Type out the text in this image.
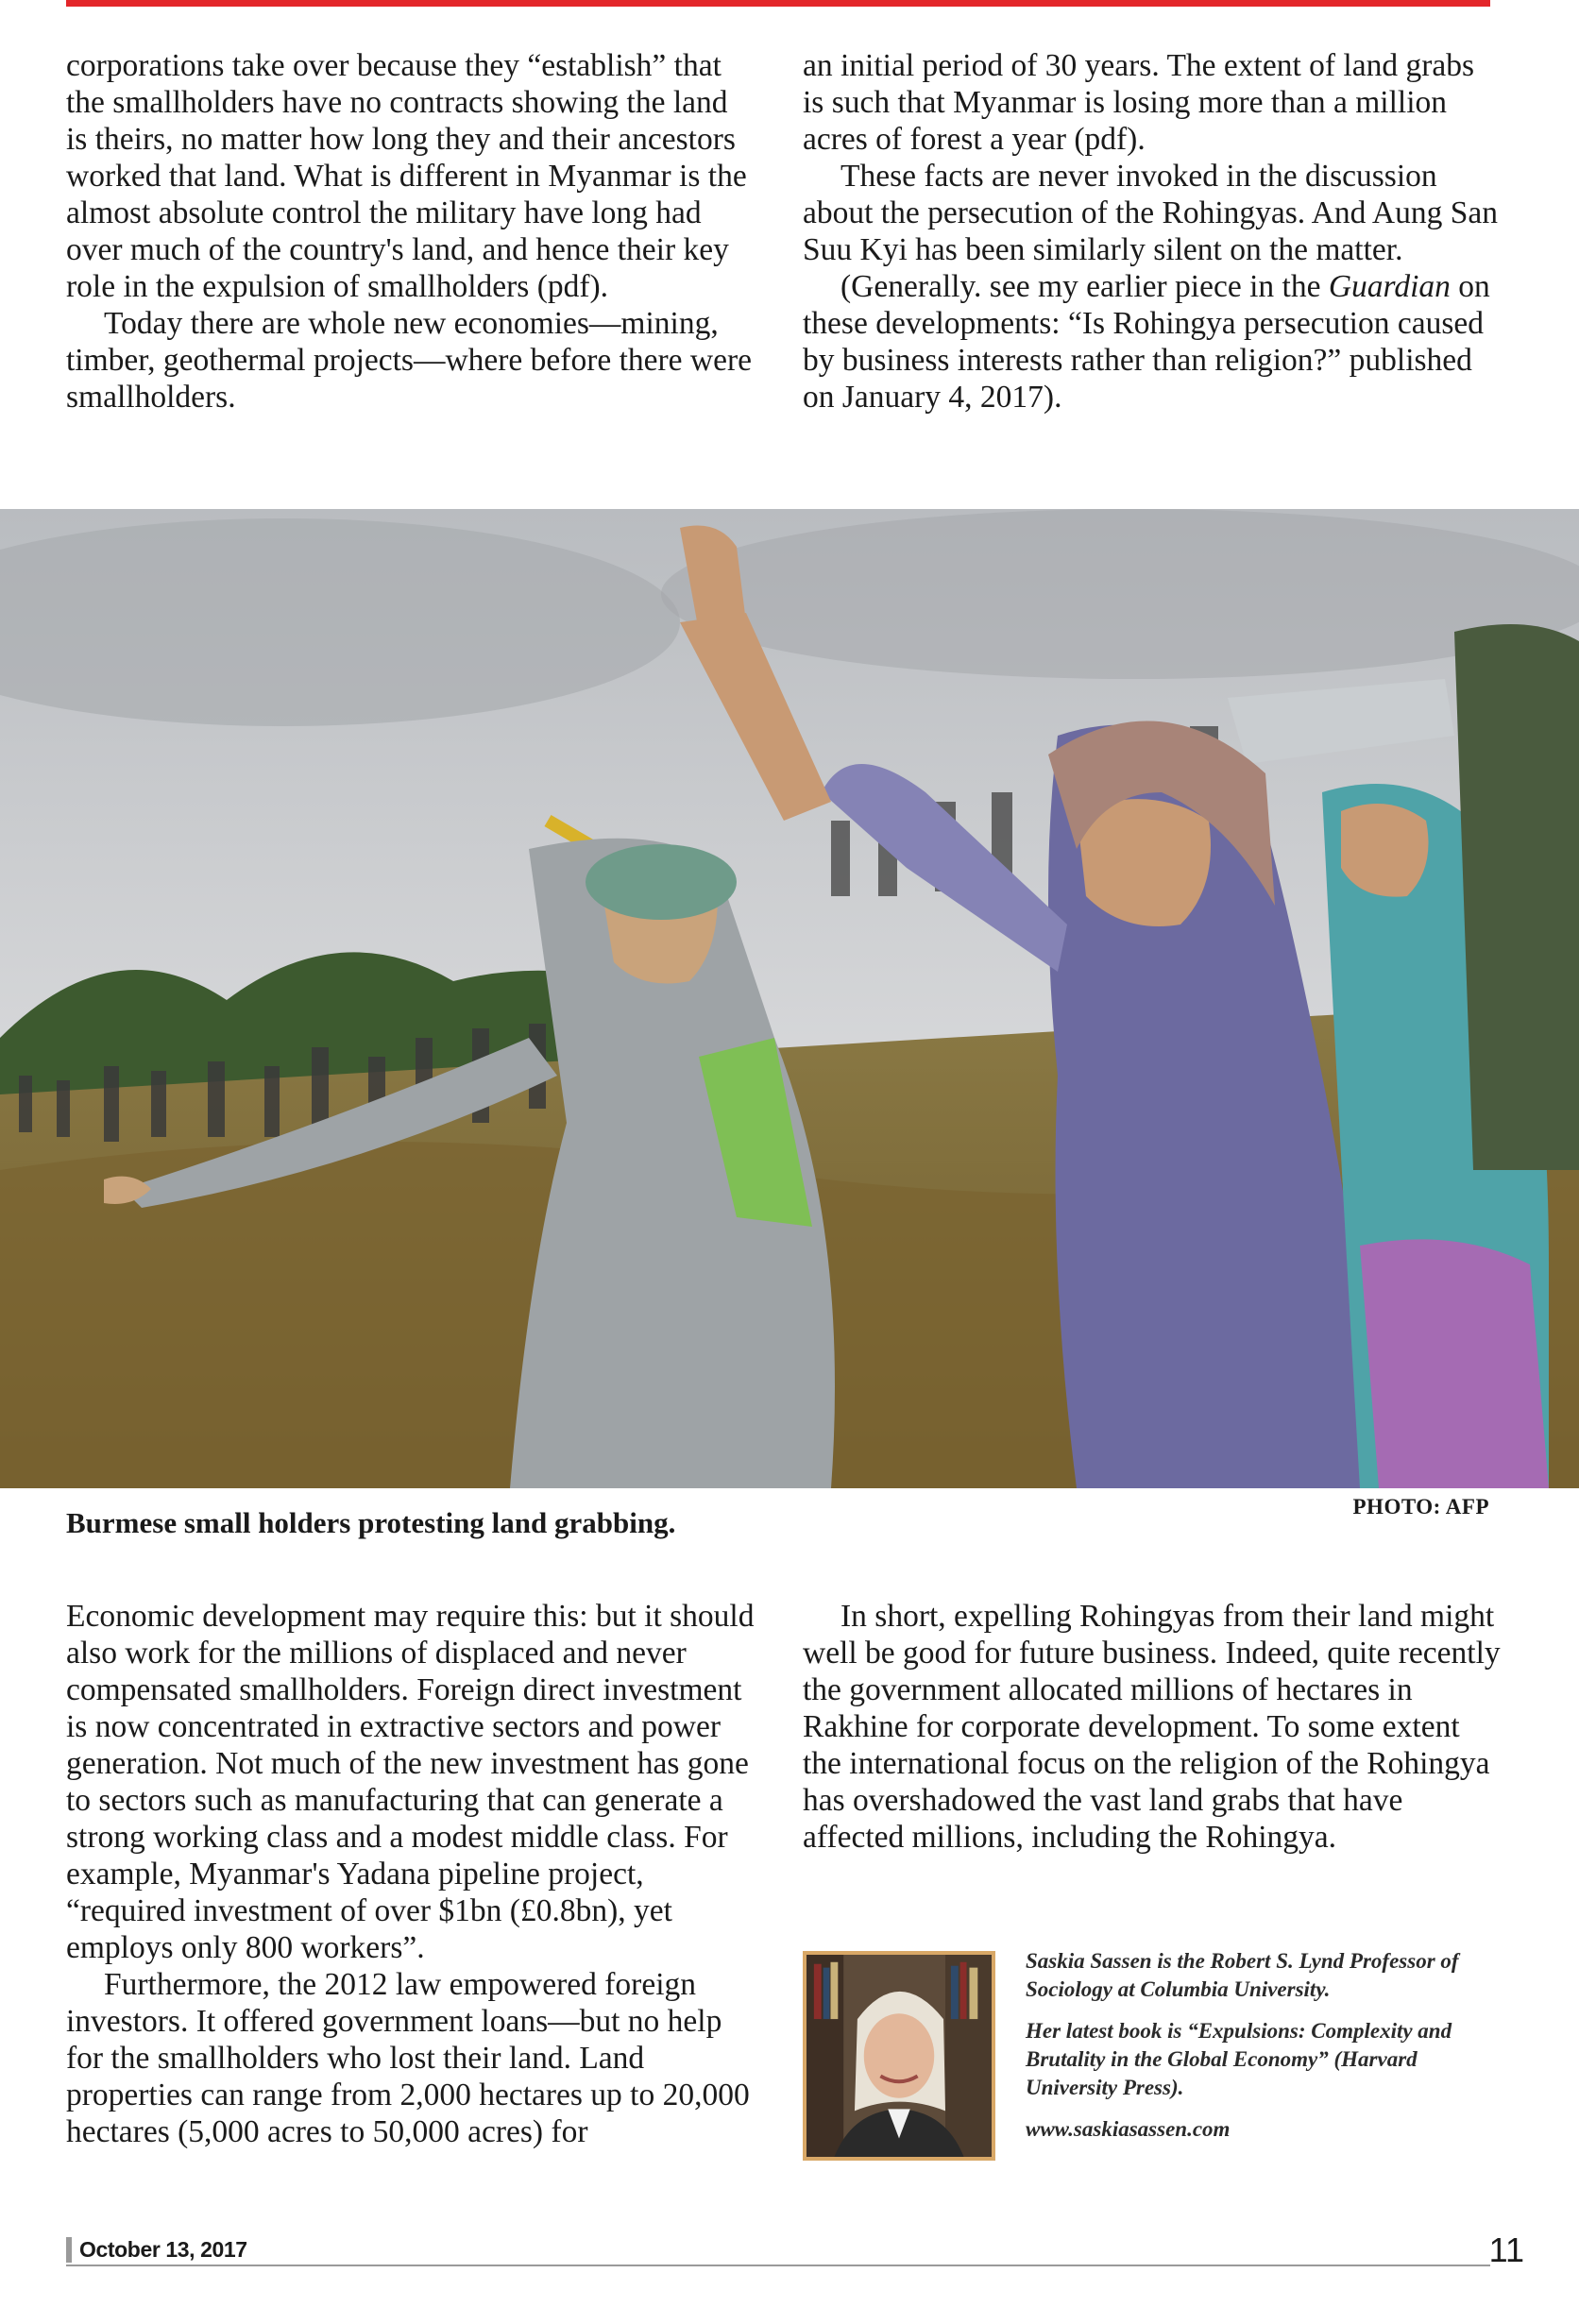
corporations take over because they “establish” that the smallholders have no contracts showing the land is theirs, no matter how long they and their ancestors worked that land. What is different in Myanmar is the almost absolute control the military have long had over much of the country's land, and hence their key role in the expulsion of smallholders (pdf).

Today there are whole new economies—mining, timber, geothermal projects—where before there were smallholders.

an initial period of 30 years. The extent of land grabs is such that Myanmar is losing more than a million acres of forest a year (pdf).

These facts are never invoked in the discussion about the persecution of the Rohingyas. And Aung San Suu Kyi has been similarly silent on the matter.

(Generally. see my earlier piece in the Guardian on these developments: “Is Rohingya persecution caused by business interests rather than religion?” published on January 4, 2017).

Burmese small holders protesting land grabbing.	PHOTO: AFP

Economic development may require this: but it should also work for the millions of displaced and never compensated smallholders. Foreign direct investment is now concentrated in extractive sectors and power generation. Not much of the new investment has gone to sectors such as manufacturing that can generate a strong working class and a modest middle class. For example, Myanmar's Yadana pipeline project, “required investment of over $1bn (£0.8bn), yet employs only 800 workers”.

Furthermore, the 2012 law empowered foreign investors. It offered government loans—but no help for the smallholders who lost their land. Land properties can range from 2,000 hectares up to 20,000 hectares (5,000 acres to 50,000 acres) for

In short, expelling Rohingyas from their land might well be good for future business. Indeed, quite recently the government allocated millions of hectares in Rakhine for corporate development. To some extent the international focus on the religion of the Rohingya has overshadowed the vast land grabs that have affected millions, including the Rohingya.

Saskia Sassen is the Robert S. Lynd Professor of Sociology at Columbia University.

Her latest book is “Expulsions: Complexity and Brutality in the Global Economy” (Harvard University Press).

www.saskiasassen.com

October 13, 2017	11
